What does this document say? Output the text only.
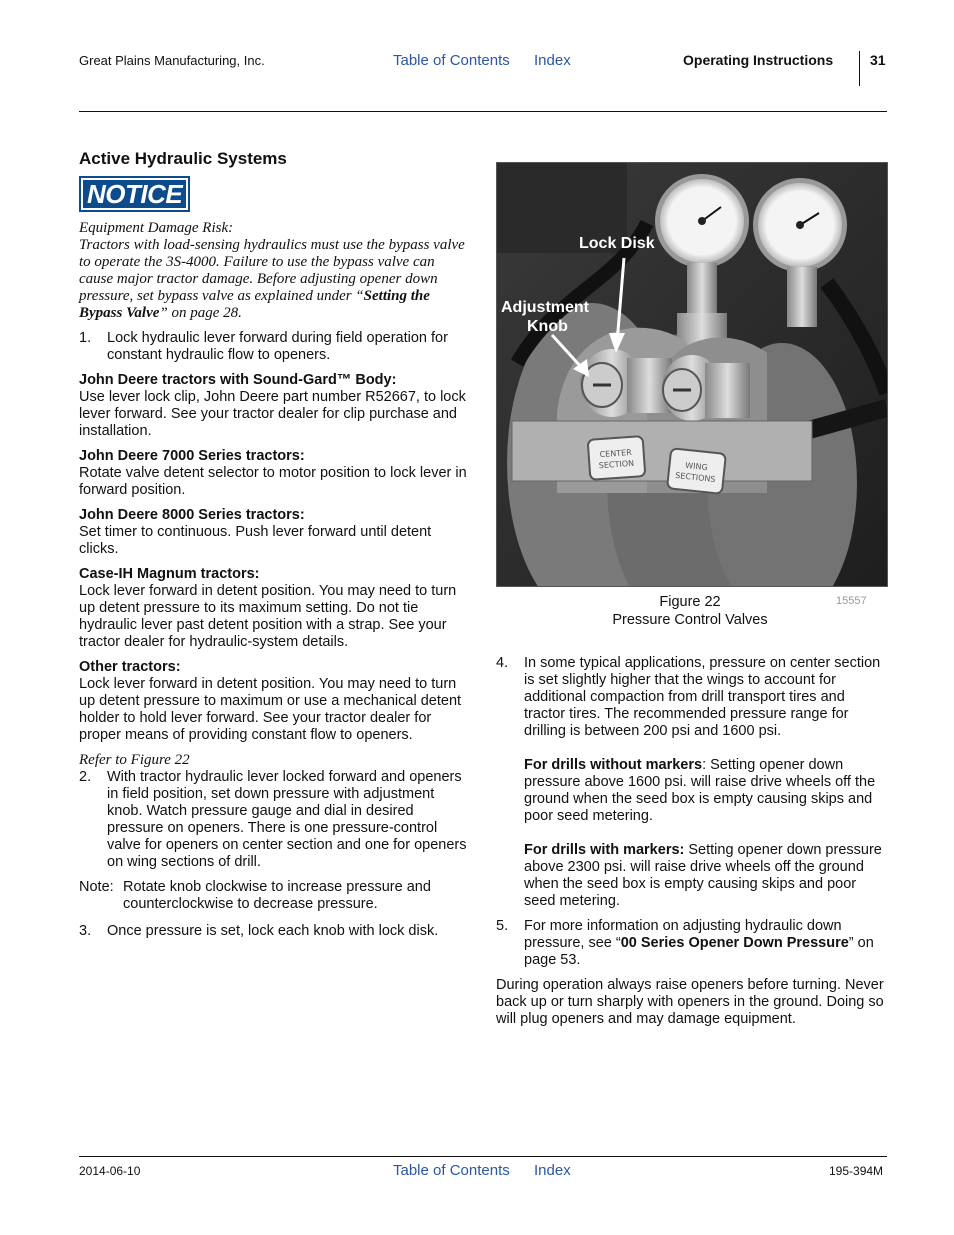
Great Plains Manufacturing, Inc.	Table of Contents Index	Operating Instructions	31
Active Hydraulic Systems
NOTICE
Equipment Damage Risk:
Tractors with load-sensing hydraulics must use the bypass valve to operate the 3S-4000. Failure to use the bypass valve can cause major tractor damage. Before adjusting opener down pressure, set bypass valve as explained under “Setting the Bypass Valve” on page 28.
1.	Lock hydraulic lever forward during field operation for constant hydraulic flow to openers.
John Deere tractors with Sound-Gard™ Body:
Use lever lock clip, John Deere part number R52667, to lock lever forward. See your tractor dealer for clip purchase and installation.
John Deere 7000 Series tractors:
Rotate valve detent selector to motor position to lock lever in forward position.
John Deere 8000 Series tractors:
Set timer to continuous. Push lever forward until detent clicks.
Case-IH Magnum tractors:
Lock lever forward in detent position. You may need to turn up detent pressure to its maximum setting. Do not tie hydraulic lever past detent position with a strap. See your tractor dealer for hydraulic-system details.
Other tractors:
Lock lever forward in detent position. You may need to turn up detent pressure to maximum or use a mechanical detent holder to hold lever forward. See your tractor dealer for proper means of providing constant flow to openers.
Refer to Figure 22
2.	With tractor hydraulic lever locked forward and openers in field position, set down pressure with adjustment knob. Watch pressure gauge and dial in desired pressure on openers. There is one pressure-control valve for openers on center section and one for openers on wing sections of drill.
Note: Rotate knob clockwise to increase pressure and counterclockwise to decrease pressure.
3.	Once pressure is set, lock each knob with lock disk.
CENTER
SECTION	WING
SECTIONS
Lock Disk
Adjustment
Knob
Figure 22
Pressure Control Valves
15557
4.	In some typical applications, pressure on center section is set slightly higher that the wings to account for additional compaction from drill transport tires and tractor tires. The recommended pressure range for drilling is between 200 psi and 1600 psi.
For drills without markers: Setting opener down pressure above 1600 psi. will raise drive wheels off the ground when the seed box is empty causing skips and poor seed metering.
For drills with markers: Setting opener down pressure above 2300 psi. will raise drive wheels off the ground when the seed box is empty causing skips and poor seed metering.
5.	For more information on adjusting hydraulic down pressure, see “00 Series Opener Down Pressure” on page 53.
During operation always raise openers before turning. Never back up or turn sharply with openers in the ground. Doing so will plug openers and may damage equipment.
2014-06-10	Table of Contents Index	195-394M
